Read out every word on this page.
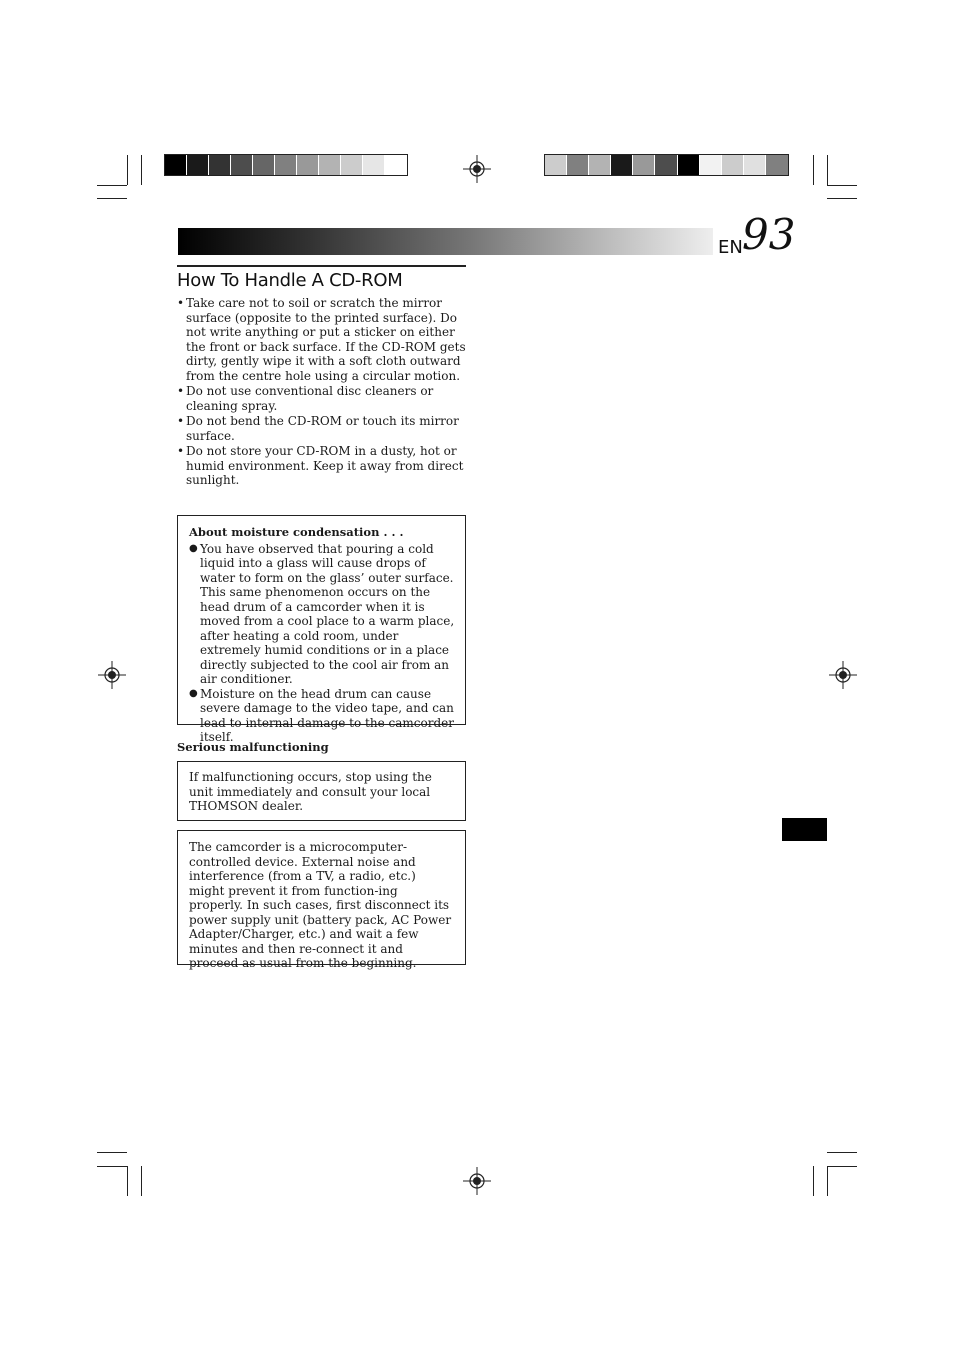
EN 93
How To Handle A CD-ROM
• Take care not to soil or scratch the mirror surface (opposite to the printed surface). Do not write anything or put a sticker on either the front or back surface. If the CD-ROM gets dirty, gently wipe it with a soft cloth outward from the centre hole using a circular motion.
• Do not use conventional disc cleaners or cleaning spray.
• Do not bend the CD-ROM or touch its mirror surface.
• Do not store your CD-ROM in a dusty, hot or humid environment. Keep it away from direct sunlight.
About moisture condensation . . .
● You have observed that pouring a cold liquid into a glass will cause drops of water to form on the glass’ outer surface. This same phenomenon occurs on the head drum of a camcorder when it is moved from a cool place to a warm place, after heating a cold room, under extremely humid conditions or in a place directly subjected to the cool air from an air conditioner.
● Moisture on the head drum can cause severe damage to the video tape, and can lead to internal damage to the camcorder itself.
Serious malfunctioning
If malfunctioning occurs, stop using the unit immediately and consult your local THOMSON dealer.
The camcorder is a microcomputer-controlled device. External noise and interference (from a TV, a radio, etc.) might prevent it from function-ing properly. In such cases, first disconnect its power supply unit (battery pack, AC Power Adapter/Charger, etc.) and wait a few minutes and then re-connect it and proceed as usual from the beginning.
